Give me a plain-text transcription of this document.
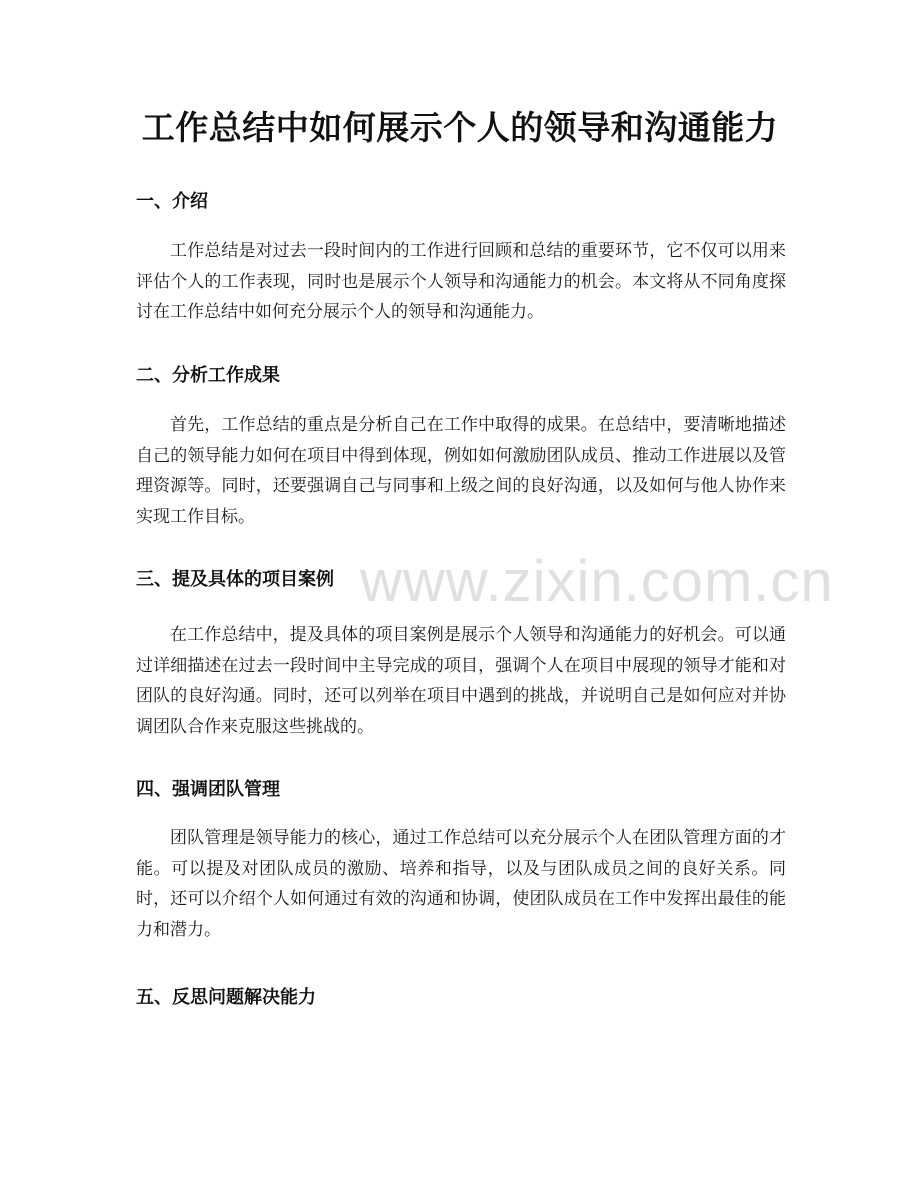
工作总结中如何展示个人的领导和沟通能力
一、介绍

工作总结是对过去一段时间内的工作进行回顾和总结的重要环节，它不仅可以用来评估个人的工作表现，同时也是展示个人领导和沟通能力的机会。本文将从不同角度探讨在工作总结中如何充分展示个人的领导和沟通能力。

二、分析工作成果

首先，工作总结的重点是分析自己在工作中取得的成果。在总结中，要清晰地描述自己的领导能力如何在项目中得到体现，例如如何激励团队成员、推动工作进展以及管理资源等。同时，还要强调自己与同事和上级之间的良好沟通，以及如何与他人协作来实现工作目标。

三、提及具体的项目案例

在工作总结中，提及具体的项目案例是展示个人领导和沟通能力的好机会。可以通过详细描述在过去一段时间中主导完成的项目，强调个人在项目中展现的领导才能和对团队的良好沟通。同时，还可以列举在项目中遇到的挑战，并说明自己是如何应对并协调团队合作来克服这些挑战的。

四、强调团队管理

团队管理是领导能力的核心，通过工作总结可以充分展示个人在团队管理方面的才能。可以提及对团队成员的激励、培养和指导，以及与团队成员之间的良好关系。同时，还可以介绍个人如何通过有效的沟通和协调，使团队成员在工作中发挥出最佳的能力和潜力。

五、反思问题解决能力
www.zixin.com.cn
